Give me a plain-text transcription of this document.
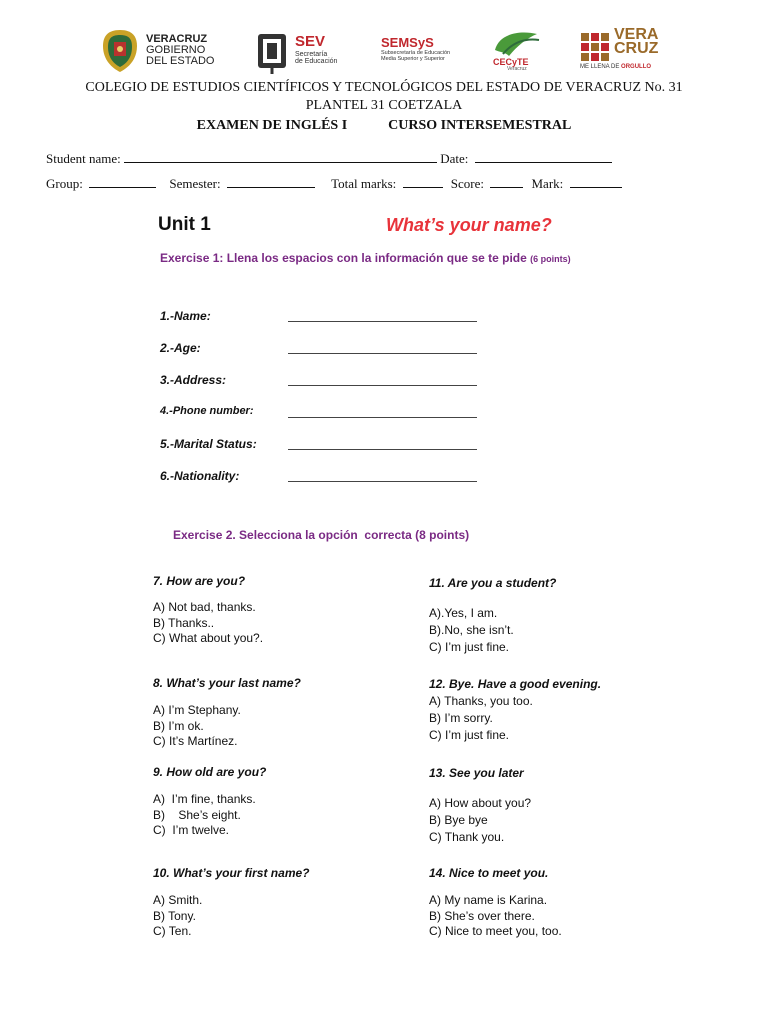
VERACRUZ
GOBIERNO
DEL ESTADO
SEV
Secretaría
de Educación
SEMSyS
Subsecretaría de Educación
Media Superior y Superior	CECyTE
Veracruz
VERA
CRUZ
ME LLENA DE ORGULLO
COLEGIO DE ESTUDIOS CIENTÍFICOS Y TECNOLÓGICOS DEL ESTADO DE VERACRUZ No. 31
PLANTEL 31 COETZALA
EXAMEN DE INGLÉS I	CURSO INTERSEMESTRAL
Student name:	Date:
Group:	Semester:	Total marks:	Score:	Mark:
Unit 1	What’s your name?
Exercise 1: Llena los espacios con la información que se te pide (6 points)
1.-Name:
2.-Age:
3.-Address:
4.-Phone number:
5.-Marital Status:
6.-Nationality:
Exercise 2. Selecciona la opción  correcta (8 points)
7. How are you?
A) Not bad, thanks.
B) Thanks..
C) What about you?.
8. What’s your last name?
A) I’m Stephany.
B) I’m ok.
C) It’s Martínez.
9. How old are you?
A)  I’m fine, thanks.
B)    She’s eight.
C)  I’m twelve.
10. What’s your first name?
A) Smith.
B) Tony.
C) Ten.
11. Are you a student?
A).Yes, I am.
B).No, she isn’t.
C) I’m just fine.
12. Bye. Have a good evening.
A) Thanks, you too.
B) I’m sorry.
C) I’m just fine.
13. See you later
A) How about you?
B) Bye bye
C) Thank you.
14. Nice to meet you.
A) My name is Karina.
B) She’s over there.
C) Nice to meet you, too.
